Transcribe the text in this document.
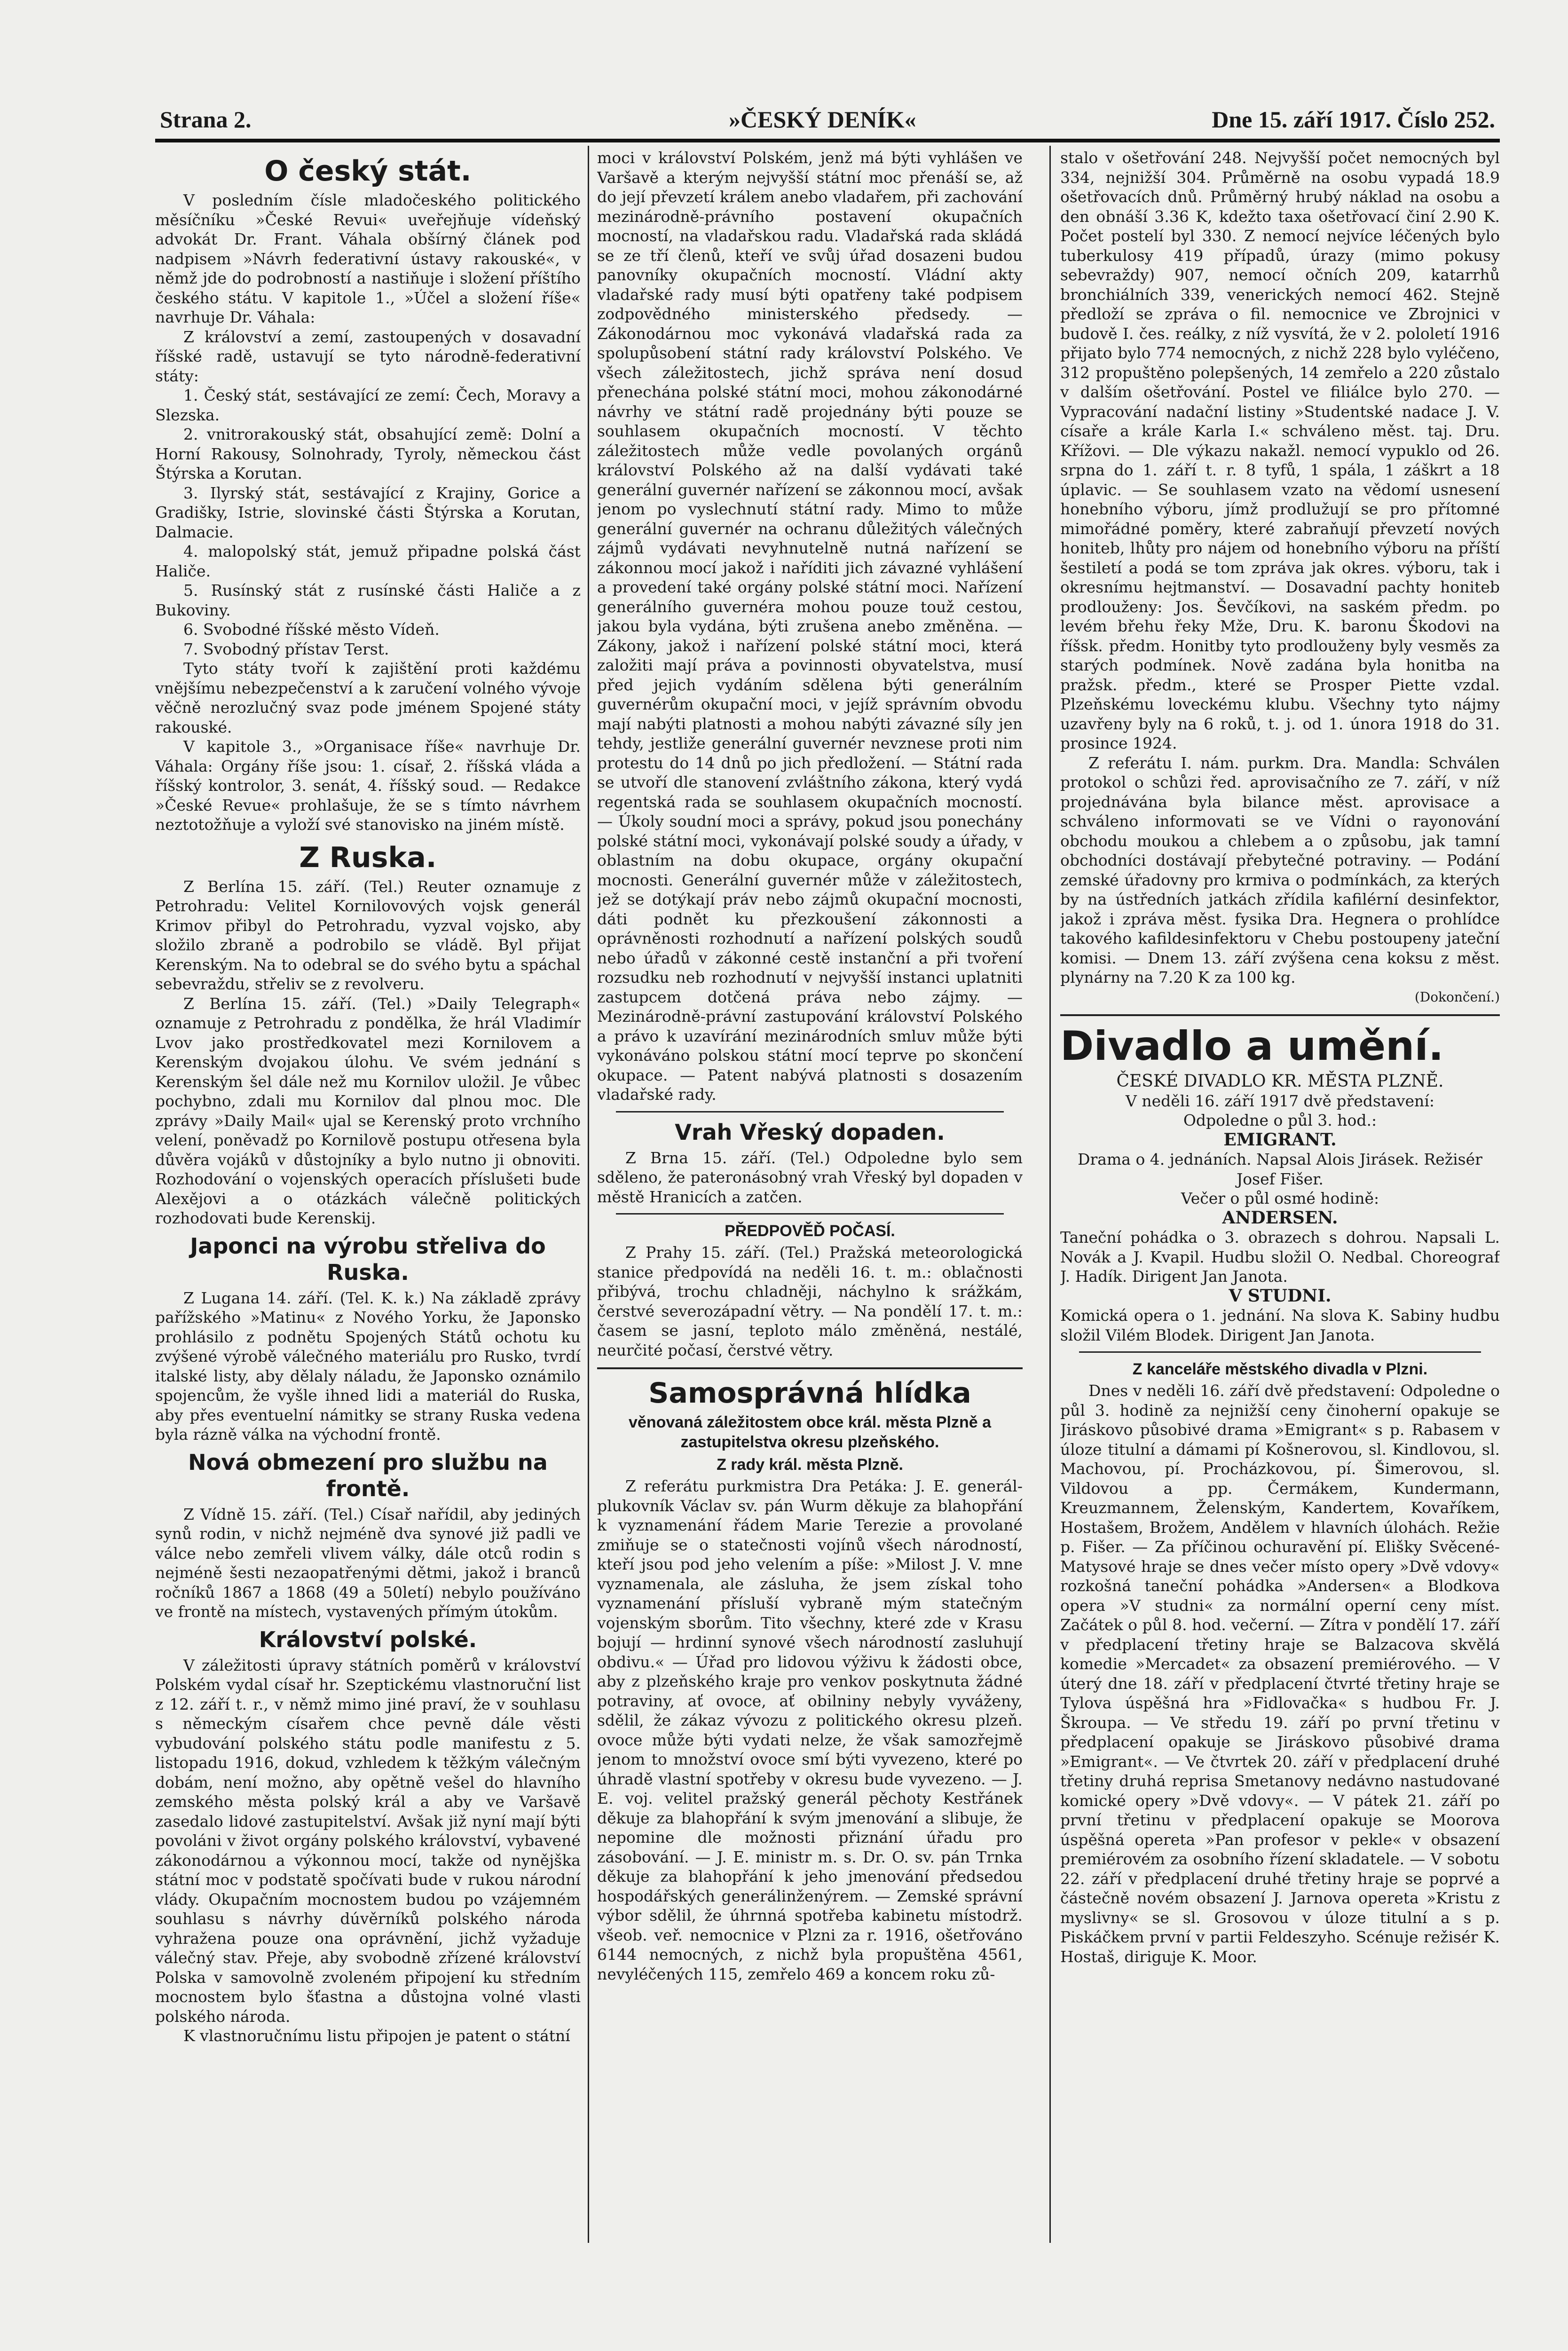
Strana 2.	»ČESKÝ DENÍK«	Dne 15. září 1917. Číslo 252.
O český stát.

V posledním čísle mladočeského politického měsíčníku »České Revui« uveřejňuje vídeňský advokát Dr. Frant. Váhala obšírný článek pod nadpisem »Návrh federativní ústavy rakouské«, v němž jde do podrobností a nastiňuje i složení příštího českého státu. V kapitole 1., »Účel a složení říše« navrhuje Dr. Váhala:

Z království a zemí, zastoupených v dosavadní říšské radě, ustavují se tyto národně-federativní státy:

1. Český stát, sestávající ze zemí: Čech, Moravy a Slezska.

2. vnitrorakouský stát, obsahující země: Dolní a Horní Rakousy, Solnohrady, Tyroly, německou část Štýrska a Korutan.

3. Ilyrský stát, sestávající z Krajiny, Gorice a Gradišky, Istrie, slovinské části Štýrska a Korutan, Dalmacie.

4. malopolský stát, jemuž připadne polská část Haliče.

5. Rusínský stát z rusínské části Haliče a z Bukoviny.

6. Svobodné říšské město Vídeň.

7. Svobodný přístav Terst.

Tyto státy tvoří k zajištění proti každému vnějšímu nebezpečenství a k zaručení volného vývoje věčně nerozlučný svaz pode jménem Spojené státy rakouské.

V kapitole 3., »Organisace říše« navrhuje Dr. Váhala: Orgány říše jsou: 1. císař, 2. říšská vláda a říšský kontrolor, 3. senát, 4. říšský soud. — Redakce »České Revue« prohlašuje, že se s tímto návrhem neztotožňuje a vyloží své stanovisko na jiném místě.

Z Ruska.

Z Berlína 15. září. (Tel.) Reuter oznamuje z Petrohradu: Velitel Kornilovových vojsk generál Krimov přibyl do Petrohradu, vyzval vojsko, aby složilo zbraně a podrobilo se vládě. Byl přijat Kerenským. Na to odebral se do svého bytu a spáchal sebevraždu, střeliv se z revolveru.

Z Berlína 15. září. (Tel.) »Daily Telegraph« oznamuje z Petrohradu z pondělka, že hrál Vladimír Lvov jako prostředkovatel mezi Kornilovem a Kerenským dvojakou úlohu. Ve svém jednání s Kerenským šel dále než mu Kornilov uložil. Je vůbec pochybno, zdali mu Kornilov dal plnou moc. Dle zprávy »Daily Mail« ujal se Kerenský proto vrchního velení, poněvadž po Kornilově postupu otřesena byla důvěra vojáků v důstojníky a bylo nutno ji obnoviti. Rozhodování o vojenských operacích příslušeti bude Alexějovi a o otázkách válečně politických rozhodovati bude Kerenskij.

Japonci na výrobu střeliva do Ruska.

Z Lugana 14. září. (Tel. K. k.) Na základě zprávy pařížského »Matinu« z Nového Yorku, že Japonsko prohlásilo z podnětu Spojených Států ochotu ku zvýšené výrobě válečného materiálu pro Rusko, tvrdí italské listy, aby dělaly náladu, že Japonsko oznámilo spojencům, že vyšle ihned lidi a materiál do Ruska, aby přes eventuelní námitky se strany Ruska vedena byla rázně válka na východní frontě.

Nová obmezení pro službu na frontě.

Z Vídně 15. září. (Tel.) Císař nařídil, aby jediných synů rodin, v nichž nejméně dva synové již padli ve válce nebo zemřeli vlivem války, dále otců rodin s nejméně šesti nezaopatřenými dětmi, jakož i branců ročníků 1867 a 1868 (49 a 50letí) nebylo používáno ve frontě na místech, vystavených přímým útokům.

Království polské.

V záležitosti úpravy státních poměrů v království Polském vydal císař hr. Szeptickému vlastnoruční list z 12. září t. r., v němž mimo jiné praví, že v souhlasu s německým císařem chce pevně dále věsti vybudování polského státu podle manifestu z 5. listopadu 1916, dokud, vzhledem k těžkým válečným dobám, není možno, aby opětně vešel do hlavního zemského města polský král a aby ve Varšavě zasedalo lidové zastupitelství. Avšak již nyní mají býti povoláni v život orgány polského království, vybavené zákonodárnou a výkonnou mocí, takže od nynějška státní moc v podstatě spočívati bude v rukou národní vlády. Okupačním mocnostem budou po vzájemném souhlasu s návrhy dúvěrníků polského národa vyhražena pouze ona oprávnění, jichž vyžaduje válečný stav. Přeje, aby svobodně zřízené království Polska v samovolně zvoleném připojení ku středním mocnostem bylo šťastna a důstojna volné vlasti polského národa.

K vlastnoručnímu listu připojen je patent o státní

moci v království Polském, jenž má býti vyhlášen ve Varšavě a kterým nejvyšší státní moc přenáší se, až do její převzetí králem anebo vladařem, při zachování mezinárodně-právního postavení okupačních mocností, na vladařskou radu. Vladařská rada skládá se ze tří členů, kteří ve svůj úřad dosazeni budou panovníky okupačních mocností. Vládní akty vladařské rady musí býti opatřeny také podpisem zodpovědného ministerského předsedy. — Zákonodárnou moc vykonává vladařská rada za spolupůsobení státní rady království Polského. Ve všech záležitostech, jichž správa není dosud přenechána polské státní moci, mohou zákonodárné návrhy ve státní radě projednány býti pouze se souhlasem okupačních mocností. V těchto záležitostech může vedle povolaných orgánů království Polského až na další vydávati také generální guvernér nařízení se zákonnou mocí, avšak jenom po vyslechnutí státní rady. Mimo to může generální guvernér na ochranu důležitých válečných zájmů vydávati nevyhnutelně nutná nařízení se zákonnou mocí jakož i naříditi jich závazné vyhlášení a provedení také orgány polské státní moci. Nařízení generálního guvernéra mohou pouze touž cestou, jakou byla vydána, býti zrušena anebo změněna. — Zákony, jakož i nařízení polské státní moci, která založiti mají práva a povinnosti obyvatelstva, musí před jejich vydáním sdělena býti generálním guvernérům okupační moci, v jejíž správním obvodu mají nabýti platnosti a mohou nabýti závazné síly jen tehdy, jestliže generální guvernér nevznese proti nim protestu do 14 dnů po jich předložení. — Státní rada se utvoří dle stanovení zvláštního zákona, který vydá regentská rada se souhlasem okupačních mocností. — Úkoly soudní moci a správy, pokud jsou ponechány polské státní moci, vykonávají polské soudy a úřady, v oblastním na dobu okupace, orgány okupační mocnosti. Generální guvernér může v záležitostech, jež se dotýkají práv nebo zájmů okupační mocnosti, dáti podnět ku přezkoušení zákonnosti a oprávněnosti rozhodnutí a nařízení polských soudů nebo úřadů v zákonné cestě instanční a při tvoření rozsudku neb rozhodnutí v nejvyšší instanci uplatniti zastupcem dotčená práva nebo zájmy. — Mezinárodně-právní zastupování království Polského a právo k uzavírání mezinárodních smluv může býti vykonáváno polskou státní mocí teprve po skončení okupace. — Patent nabývá platnosti s dosazením vladařské rady.

Vrah Vřeský dopaden.

Z Brna 15. září. (Tel.) Odpoledne bylo sem sděleno, že pateronásobný vrah Vřeský byl dopaden v městě Hranicích a zatčen.

PŘEDPOVĚĎ POČASÍ.

Z Prahy 15. září. (Tel.) Pražská meteorologická stanice předpovídá na neděli 16. t. m.: oblačnosti přibývá, trochu chladněji, náchylno k srážkám, čerstvé severozápadní větry. — Na pondělí 17. t. m.: časem se jasní, teploto málo změněná, nestálé, neurčité počasí, čerstvé větry.

Samosprávná hlídka
věnovaná záležitostem obce král. města Plzně a zastupitelstva okresu plzeňského.
Z rady král. města Plzně.

Z referátu purkmistra Dra Petáka: J. E. generál-plukovník Václav sv. pán Wurm děkuje za blahopřání k vyznamenání řádem Marie Terezie a provolané zmiňuje se o statečnosti vojínů všech národností, kteří jsou pod jeho velením a píše: »Milost J. V. mne vyznamenala, ale zásluha, že jsem získal toho vyznamenání přísluší vybraně mým statečným vojenským sborům. Tito všechny, které zde v Krasu bojují — hrdinní synové všech národností zasluhují obdivu.« — Úřad pro lidovou výživu k žádosti obce, aby z plzeňského kraje pro venkov poskytnuta žádné potraviny, ať ovoce, ať obilniny nebyly vyváženy, sdělil, že zákaz vývozu z politického okresu plzeň. ovoce může býti vydati nelze, že však samozřejmě jenom to množství ovoce smí býti vyvezeno, které po úhradě vlastní spotřeby v okresu bude vyvezeno. — J. E. voj. velitel pražský generál pěchoty Kestřánek děkuje za blahopřání k svým jmenování a slibuje, že nepomine dle možnosti přiznání úřadu pro zásobování. — J. E. ministr m. s. Dr. O. sv. pán Trnka děkuje za blahopřání k jeho jmenování předsedou hospodářských generálinženýrem. — Zemské správní výbor sdělil, že úhrnná spotřeba kabinetu místodrž. všeob. veř. nemocnice v Plzni za r. 1916, ošetřováno 6144 nemocných, z nichž byla propuštěna 4561, nevyléčených 115, zemřelo 469 a koncem roku zů-

stalo v ošetřování 248. Nejvyšší počet nemocných byl 334, nejnižší 304. Průměrně na osobu vypadá 18.9 ošetřovacích dnů. Průměrný hrubý náklad na osobu a den obnáší 3.36 K, kdežto taxa ošetřovací činí 2.90 K. Počet postelí byl 330. Z nemocí nejvíce léčených bylo tuberkulosy 419 případů, úrazy (mimo pokusy sebevraždy) 907, nemocí očních 209, katarrhů bronchiálních 339, venerických nemocí 462. Stejně předloží se zpráva o fil. nemocnice ve Zbrojnici v budově I. čes. reálky, z níž vysvítá, že v 2. pololetí 1916 přijato bylo 774 nemocných, z nichž 228 bylo vyléčeno, 312 propuštěno polepšených, 14 zemřelo a 220 zůstalo v dalším ošetřování. Postel ve filiálce bylo 270. — Vypracování nadační listiny »Studentské nadace J. V. císaře a krále Karla I.« schváleno měst. taj. Dru. Křížovi. — Dle výkazu nakažl. nemocí vypuklo od 26. srpna do 1. září t. r. 8 tyfů, 1 spála, 1 záškrt a 18 úplavic. — Se souhlasem vzato na vědomí usnesení honebního výboru, jímž prodlužují se pro přítomné mimořádné poměry, které zabraňují převzetí nových honiteb, lhůty pro nájem od honebního výboru na příští šestiletí a podá se tom zpráva jak okres. výboru, tak i okresnímu hejtmanství. — Dosavadní pachty honiteb prodlouženy: Jos. Ševčíkovi, na saském předm. po levém břehu řeky Mže, Dru. K. baronu Škodovi na říšsk. předm. Honitby tyto prodlouženy byly vesměs za starých podmínek. Nově zadána byla honitba na pražsk. předm., které se Prosper Piette vzdal. Plzeňskému loveckému klubu. Všechny tyto nájmy uzavřeny byly na 6 roků, t. j. od 1. února 1918 do 31. prosince 1924.

Z referátu I. nám. purkm. Dra. Mandla: Schválen protokol o schůzi řed. aprovisačního ze 7. září, v níž projednávána byla bilance měst. aprovisace a schváleno informovati se ve Vídni o rayonování obchodu moukou a chlebem a o způsobu, jak tamní obchodníci dostávají přebytečné potraviny. — Podání zemské úřadovny pro krmiva o podmínkách, za kterých by na ústředních jatkách zřídila kafilérní desinfektor, jakož i zpráva měst. fysika Dra. Hegnera o prohlídce takového kafildesinfektoru v Chebu postoupeny jateční komisi. — Dnem 13. září zvýšena cena koksu z měst. plynárny na 7.20 K za 100 kg.

(Dokončení.)

Divadlo a umění.

ČESKÉ DIVADLO KR. MĚSTA PLZNĚ.

V neděli 16. září 1917 dvě představení:

Odpoledne o půl 3. hod.:

EMIGRANT.

Drama o 4. jednáních. Napsal Alois Jirásek. Režisér Josef Fišer.

Večer o půl osmé hodině:

ANDERSEN.

Taneční pohádka o 3. obrazech s dohrou. Napsali L. Novák a J. Kvapil. Hudbu složil O. Nedbal. Choreograf J. Hadík. Dirigent Jan Janota.

V STUDNI.

Komická opera o 1. jednání. Na slova K. Sabiny hudbu složil Vilém Blodek. Dirigent Jan Janota.

Z kanceláře městského divadla v Plzni.

Dnes v neděli 16. září dvě představení: Odpoledne o půl 3. hodině za nejnižší ceny činoherní opakuje se Jiráskovo působivé drama »Emigrant« s p. Rabasem v úloze titulní a dámami pí Košnerovou, sl. Kindlovou, sl. Machovou, pí. Procházkovou, pí. Šimerovou, sl. Vildovou a pp. Čermákem, Kundermann, Kreuzmannem, Želenským, Kandertem, Kovaříkem, Hostašem, Brožem, Andělem v hlavních úlohách. Režie p. Fišer. — Za příčinou ochuravění pí. Elišky Svěcené-Matysové hraje se dnes večer místo opery »Dvě vdovy« rozkošná taneční pohádka »Andersen« a Blodkova opera »V studni« za normální operní ceny míst. Začátek o půl 8. hod. večerní. — Zítra v pondělí 17. září v předplacení třetiny hraje se Balzacova skvělá komedie »Mercadet« za obsazení premiérového. — V úterý dne 18. září v předplacení čtvrté třetiny hraje se Tylova úspěšná hra »Fidlovačka« s hudbou Fr. J. Škroupa. — Ve středu 19. září po první třetinu v předplacení opakuje se Jiráskovo působivé drama »Emigrant«. — Ve čtvrtek 20. září v předplacení druhé třetiny druhá reprisa Smetanovy nedávno nastudované komické opery »Dvě vdovy«. — V pátek 21. září po první třetinu v předplacení opakuje se Moorova úspěšná opereta »Pan profesor v pekle« v obsazení premiérovém za osobního řízení skladatele. — V sobotu 22. září v předplacení druhé třetiny hraje se poprvé a částečně novém obsazení J. Jarnova opereta »Kristu z myslivny« se sl. Grosovou v úloze titulní a s p. Piskáčkem první v partii Feldeszyho. Scénuje režisér K. Hostaš, diriguje K. Moor.
